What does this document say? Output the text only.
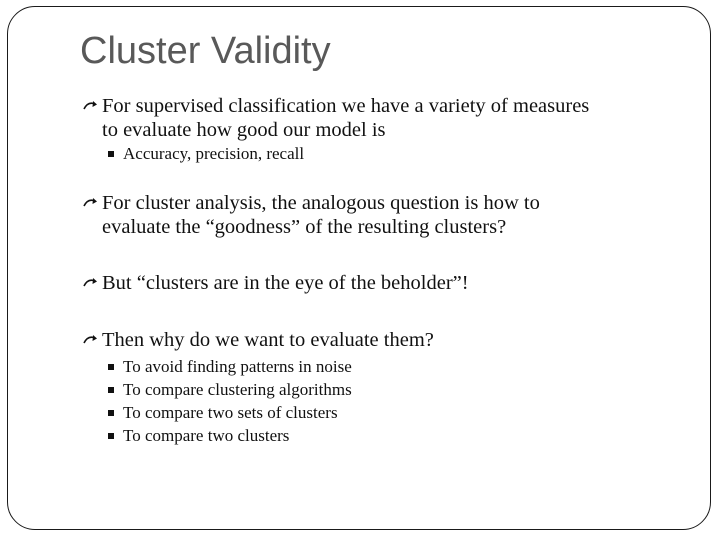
Cluster Validity
For supervised classification we have a variety of measures
to evaluate how good our model is
Accuracy, precision, recall
For cluster analysis, the analogous question is how to
evaluate the “goodness” of the resulting clusters?
But “clusters are in the eye of the beholder”!
Then why do we want to evaluate them?
To avoid finding patterns in noise
To compare clustering algorithms
To compare two sets of clusters
To compare two clusters
